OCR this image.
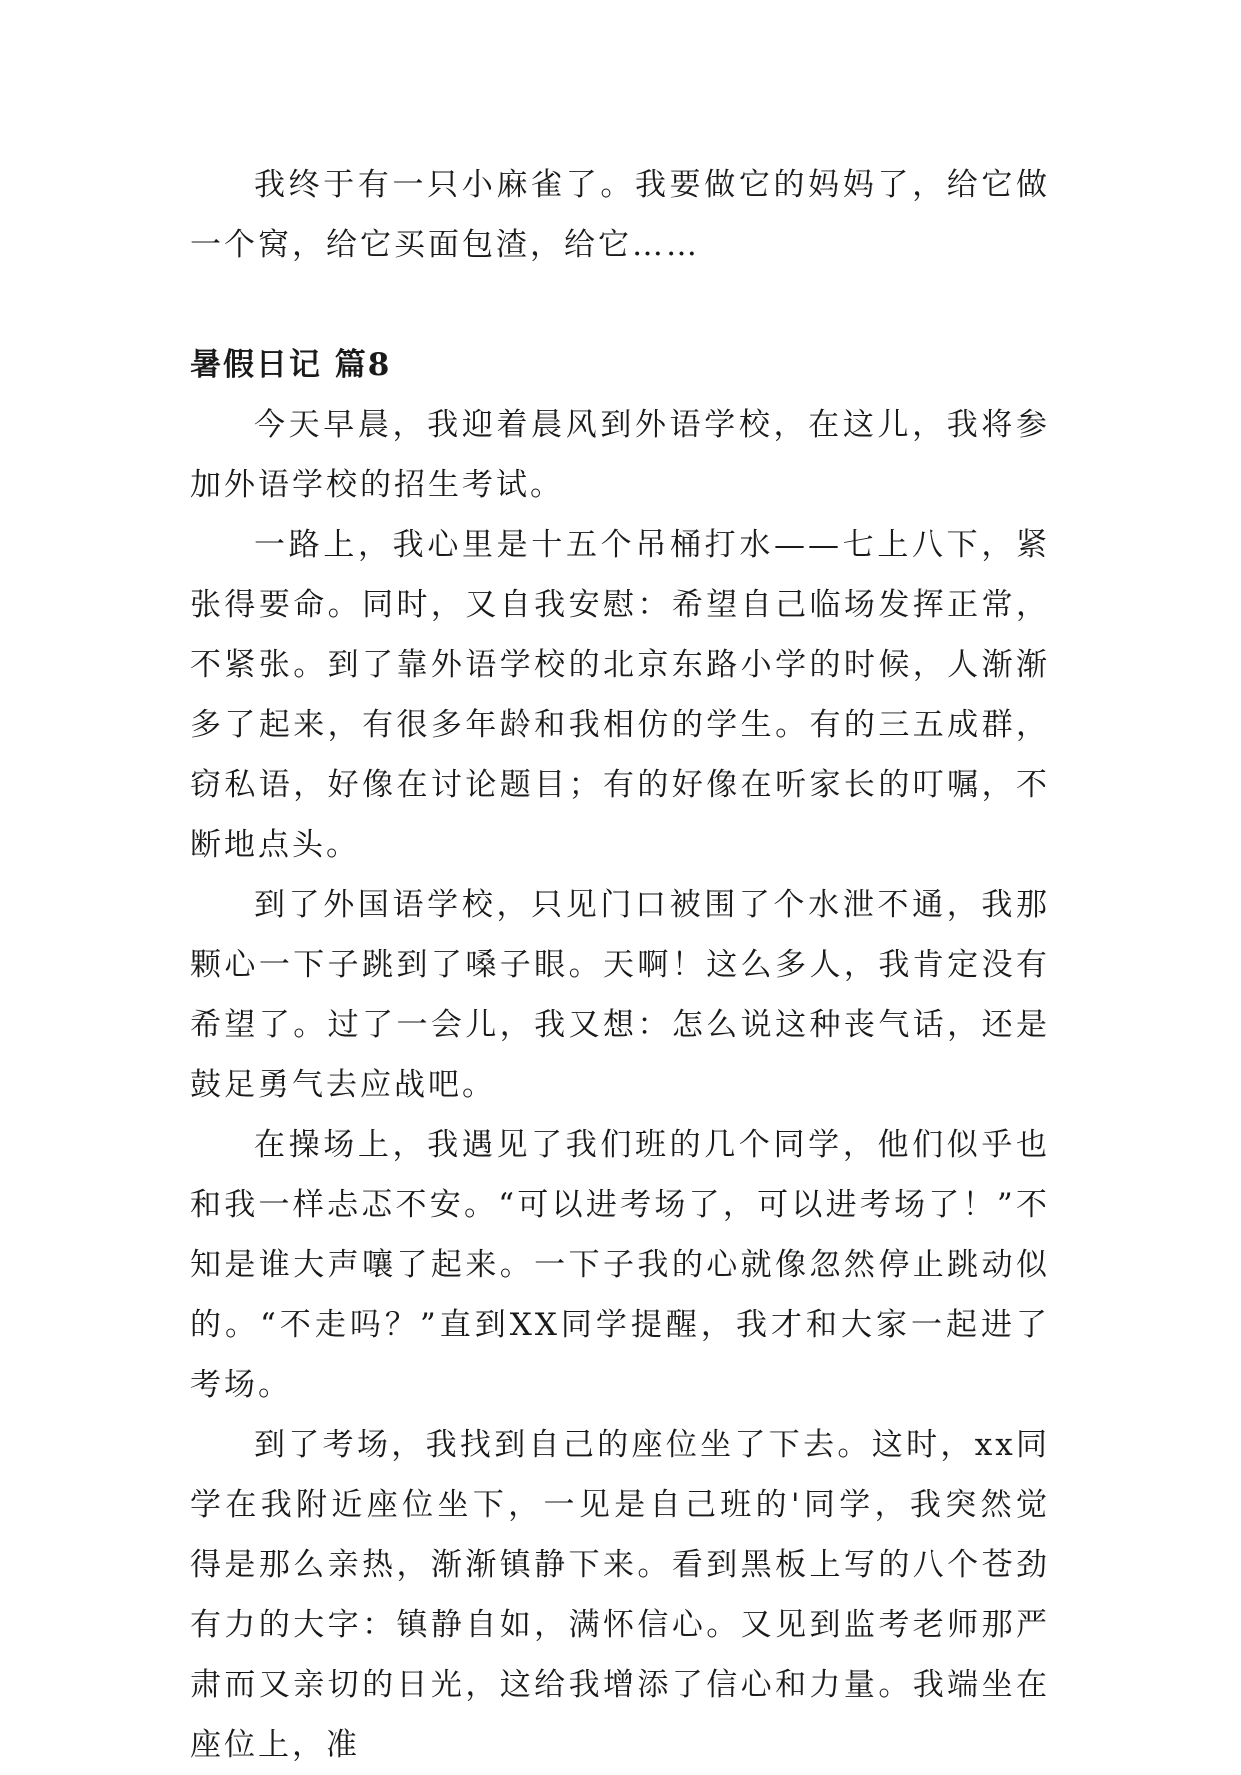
我终于有一只小麻雀了。我要做它的妈妈了，给它做一个窝，给它买面包渣，给它……

暑假日记 篇8

今天早晨，我迎着晨风到外语学校，在这儿，我将参加外语学校的招生考试。

一路上，我心里是十五个吊桶打水——七上八下，紧张得要命。同时，又自我安慰：希望自己临场发挥正常，不紧张。到了靠外语学校的北京东路小学的时候，人渐渐多了起来，有很多年龄和我相仿的学生。有的三五成群，窃私语，好像在讨论题目；有的好像在听家长的叮嘱，不断地点头。

到了外国语学校，只见门口被围了个水泄不通，我那颗心一下子跳到了嗓子眼。天啊！这么多人，我肯定没有希望了。过了一会儿，我又想：怎么说这种丧气话，还是鼓足勇气去应战吧。

在操场上，我遇见了我们班的几个同学，他们似乎也和我一样忐忑不安。“可以进考场了，可以进考场了！”不知是谁大声嚷了起来。一下子我的心就像忽然停止跳动似的。“不走吗？”直到XX同学提醒，我才和大家一起进了考场。

到了考场，我找到自己的座位坐了下去。这时，xx同学在我附近座位坐下，一见是自己班的'同学，我突然觉得是那么亲热，渐渐镇静下来。看到黑板上写的八个苍劲有力的大字：镇静自如，满怀信心。又见到监考老师那严肃而又亲切的日光，这给我增添了信心和力量。我端坐在座位上，准
